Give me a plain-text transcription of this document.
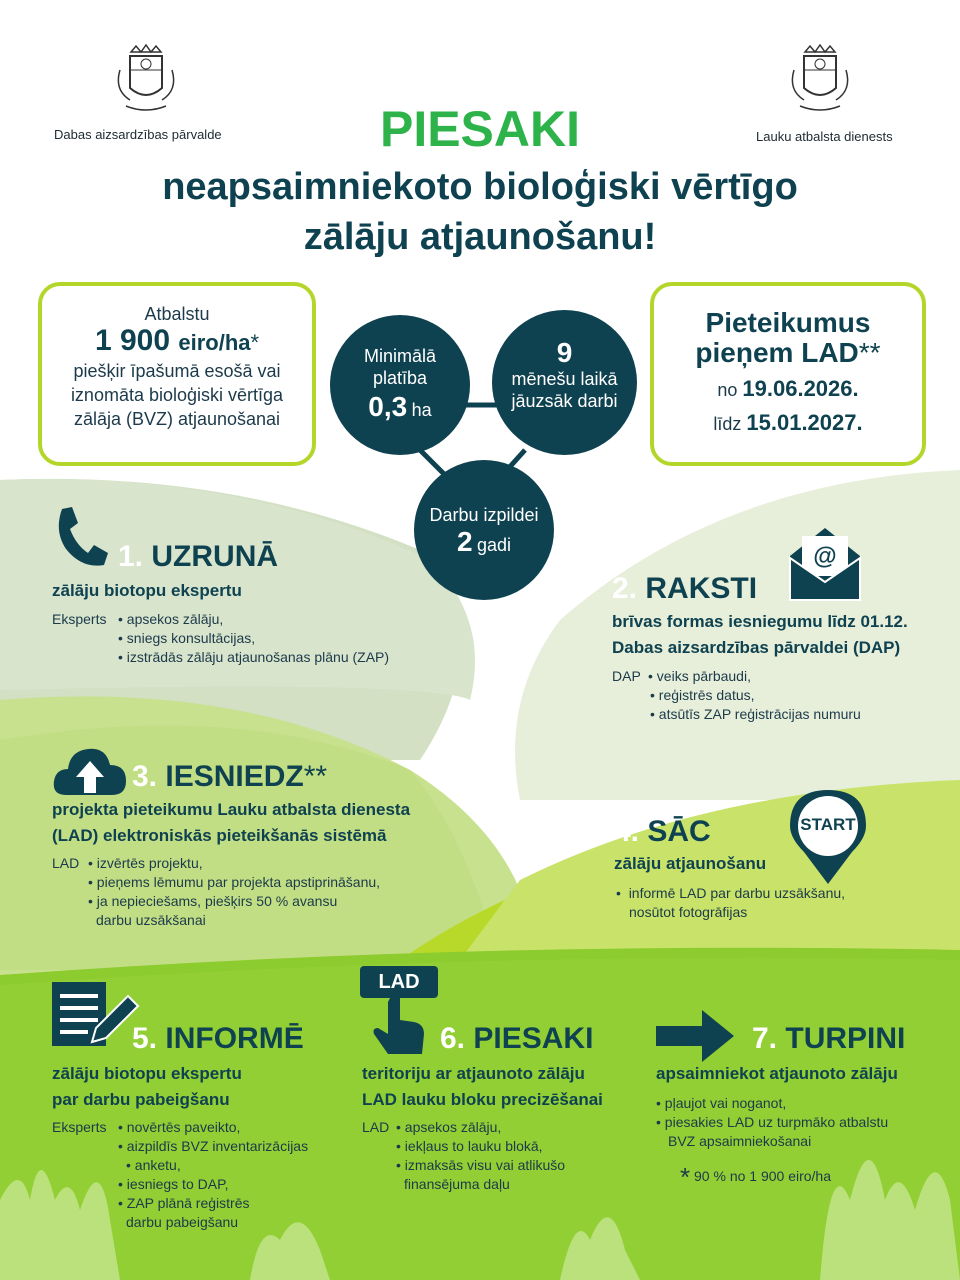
Dabas aizsardzības pārvalde	Lauku atbalsta dienests
PIESAKI
neapsaimniekoto bioloģiski vērtīgo
zālāju atjaunošanu!
Atbalstu
1 900 eiro/ha*
piešķir īpašumā esošā vai
iznomāta bioloģiski vērtīga
zālāja (BVZ) atjaunošanai
Minimālā
platība
0,3 ha
9
mēnešu laikā
jāuzsāk darbi
Darbu izpildei
2 gadi
Pieteikumus
pieņem LAD**
no 19.06.2026.
līdz 15.01.2027.
1. UZRUNĀ
zālāju biotopu ekspertu
Eksperts	• apsekos zālāju,
• sniegs konsultācijas,
• izstrādās zālāju atjaunošanas plānu (ZAP)
@
2. RAKSTI
brīvas formas iesniegumu līdz 01.12.
Dabas aizsardzības pārvaldei (DAP)
DAP	• veiks pārbaudi,
• reģistrēs datus,
• atsūtīs ZAP reģistrācijas numuru
3. IESNIEDZ**
projekta pieteikumu Lauku atbalsta dienesta
(LAD) elektroniskās pieteikšanās sistēmā
LAD	• izvērtēs projektu,
• pieņems lēmumu par projekta apstiprināšanu,
• ja nepieciešams, piešķirs 50 % avansu
darbu uzsākšanai
START
4. SĀC
zālāju atjaunošanu
•  informē LAD par darbu uzsākšanu,
nosūtot fotogrāfijas
5. INFORMĒ
zālāju biotopu ekspertu
par darbu pabeigšanu
Eksperts	• novērtēs paveikto,
• aizpildīs BVZ inventarizācijas
• anketu,
• iesniegs to DAP,
• ZAP plānā reģistrēs
darbu pabeigšanu
LAD
6. PIESAKI
teritoriju ar atjaunoto zālāju
LAD lauku bloku precizēšanai
LAD	• apsekos zālāju,
• iekļaus to lauku blokā,
• izmaksās visu vai atlikušo
finansējuma daļu
7. TURPINI
apsaimniekot atjaunoto zālāju
• pļaujot vai noganot,
• piesakies LAD uz turpmāko atbalstu
BVZ apsaimniekošanai
* 90 % no 1 900 eiro/ha
